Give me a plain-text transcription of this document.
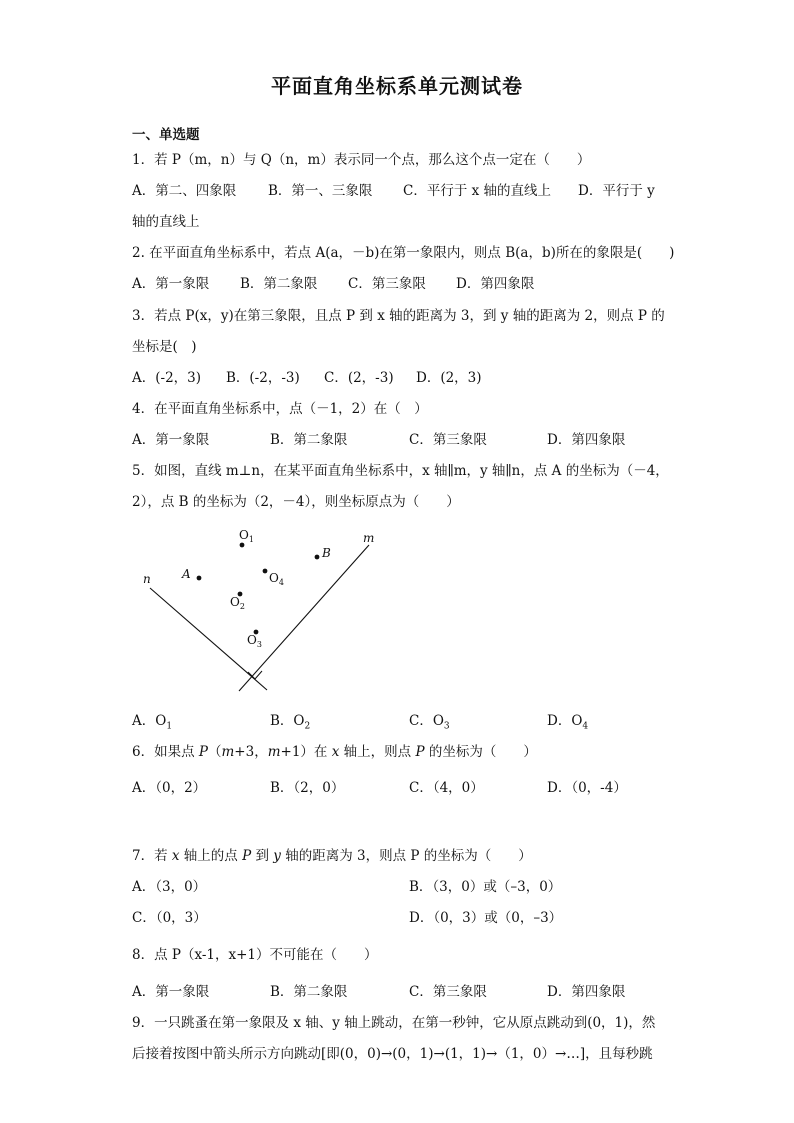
平面直角坐标系单元测试卷
一、单选题
1．若 P（m，n）与 Q（n，m）表示同一个点，那么这个点一定在（　　）
A．第二、四象限 B．第一、三象限 C．平行于 x 轴的直线上 D．平行于 y
轴的直线上
2. 在平面直角坐标系中，若点 A(a，－b)在第一象限内，则点 B(a，b)所在的象限是(　　)
A．第一象限 B．第二象限 C．第三象限 D．第四象限
3．若点 P(x，y)在第三象限，且点 P 到 x 轴的距离为 3，到 y 轴的距离为 2，则点 P 的
坐标是(　)
A．(-2，3) B．(-2，-3) C．(2，-3) D．(2，3)
4．在平面直角坐标系中，点（－1，2）在（　）
A．第一象限	B．第二象限	C．第三象限	D．第四象限
5．如图，直线 m⊥n，在某平面直角坐标系中，x 轴∥m，y 轴∥n，点 A 的坐标为（－4，
2），点 B 的坐标为（2，－4），则坐标原点为（　　）
n
m
A
B
$O_1$
$O_4$
$O_2$
$O_3$
A．$O_1$	B．$O_2$	C．$O_3$	D．$O_4$
6．如果点 P（m+3，m+1）在 x 轴上，则点 P 的坐标为（　　）
A．（0，2）	B．（2，0）	C．（4，0）	D．（0，-4）
7．若 x 轴上的点 P 到 y 轴的距离为 3，则点 P 的坐标为（　　）
A．（3，0）	B．（3，0）或（–3，0）
C．（0，3）	D．（0，3）或（0，–3）
8．点 P（x-1，x+1）不可能在（　　）
A．第一象限	B．第二象限	C．第三象限	D．第四象限
9．一只跳蚤在第一象限及 x 轴、y 轴上跳动，在第一秒钟，它从原点跳动到(0，1)，然
后接着按图中箭头所示方向跳动[即(0，0)→(0，1)→(1，1)→（1，0）→…]，且每秒跳
